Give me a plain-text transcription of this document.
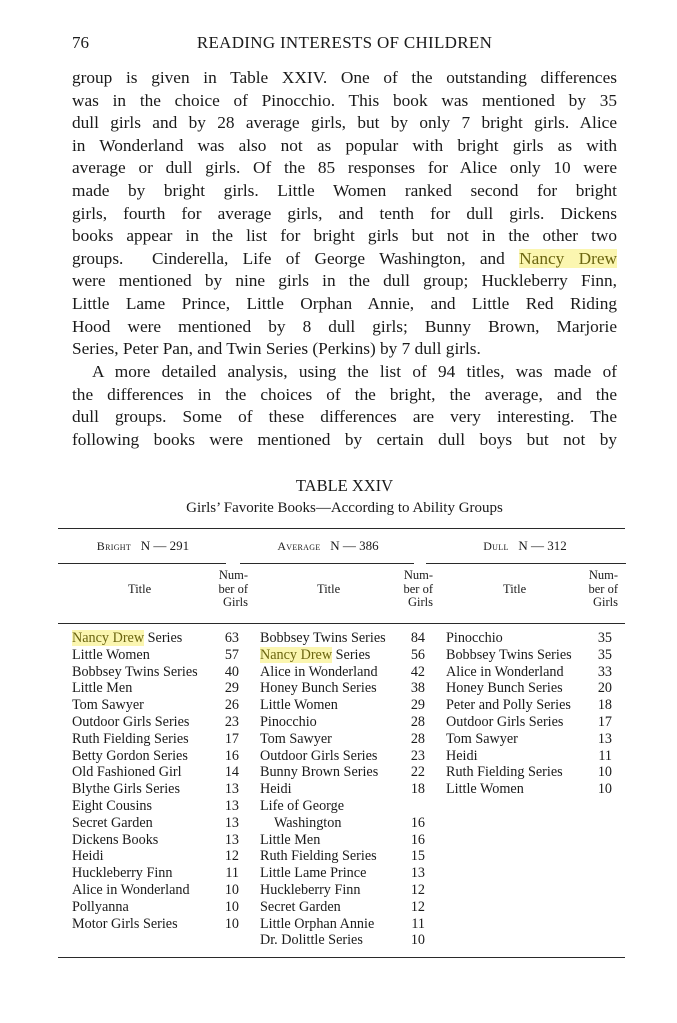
76	READING INTERESTS OF CHILDREN
group is given in Table XXIV. One of the outstanding differences
was in the choice of Pinocchio. This book was mentioned by 35
dull girls and by 28 average girls, but by only 7 bright girls. Alice
in Wonderland was also not as popular with bright girls as with
average or dull girls. Of the 85 responses for Alice only 10 were
made by bright girls. Little Women ranked second for bright
girls, fourth for average girls, and tenth for dull girls. Dickens
books appear in the list for bright girls but not in the other two
groups.  Cinderella, Life of George Washington, and Nancy Drew
were mentioned by nine girls in the dull group; Huckleberry Finn,
Little Lame Prince, Little Orphan Annie, and Little Red Riding
Hood were mentioned by 8 dull girls; Bunny Brown, Marjorie
Series, Peter Pan, and Twin Series (Perkins) by 7 dull girls.
A more detailed analysis, using the list of 94 titles, was made of
the differences in the choices of the bright, the average, and the
dull groups. Some of these differences are very interesting. The
following books were mentioned by certain dull boys but not by
TABLE XXIV
Girls’ Favorite Books—According to Ability Groups
Bright N — 291	Average N — 386	Dull N — 312
Title
Num-
ber of
Girls
Title
Num-
ber of
Girls
Title
Num-
ber of
Girls
Nancy Drew Series	63
Little Women	57
Bobbsey Twins Series 40
Little Men	29
Tom Sawyer	26
Outdoor Girls Series 23
Ruth Fielding Series	17
Betty Gordon Series	16
Old Fashioned Girl	14
Blythe Girls Series	13
Eight Cousins	13
Secret Garden	13
Dickens Books	13
Heidi	12
Huckleberry Finn	11
Alice in Wonderland 10
Pollyanna	10
Motor Girls Series	10
Bobbsey Twins Series 84
Nancy Drew Series	56
Alice in Wonderland 42
Honey Bunch Series 38
Little Women	29
Pinocchio	28
Tom Sawyer	28
Outdoor Girls Series 23
Bunny Brown Series 22
Heidi	18
Life of George
Washington	16
Little Men	16
Ruth Fielding Series 15
Little Lame Prince	13
Huckleberry Finn	12
Secret Garden	12
Little Orphan Annie	11
Dr. Dolittle Series	10
Pinocchio	35
Bobbsey Twins Series 35
Alice in Wonderland 33
Honey Bunch Series 20
Peter and Polly Series 18
Outdoor Girls Series 17
Tom Sawyer	13
Heidi	11
Ruth Fielding Series 10
Little Women	10
